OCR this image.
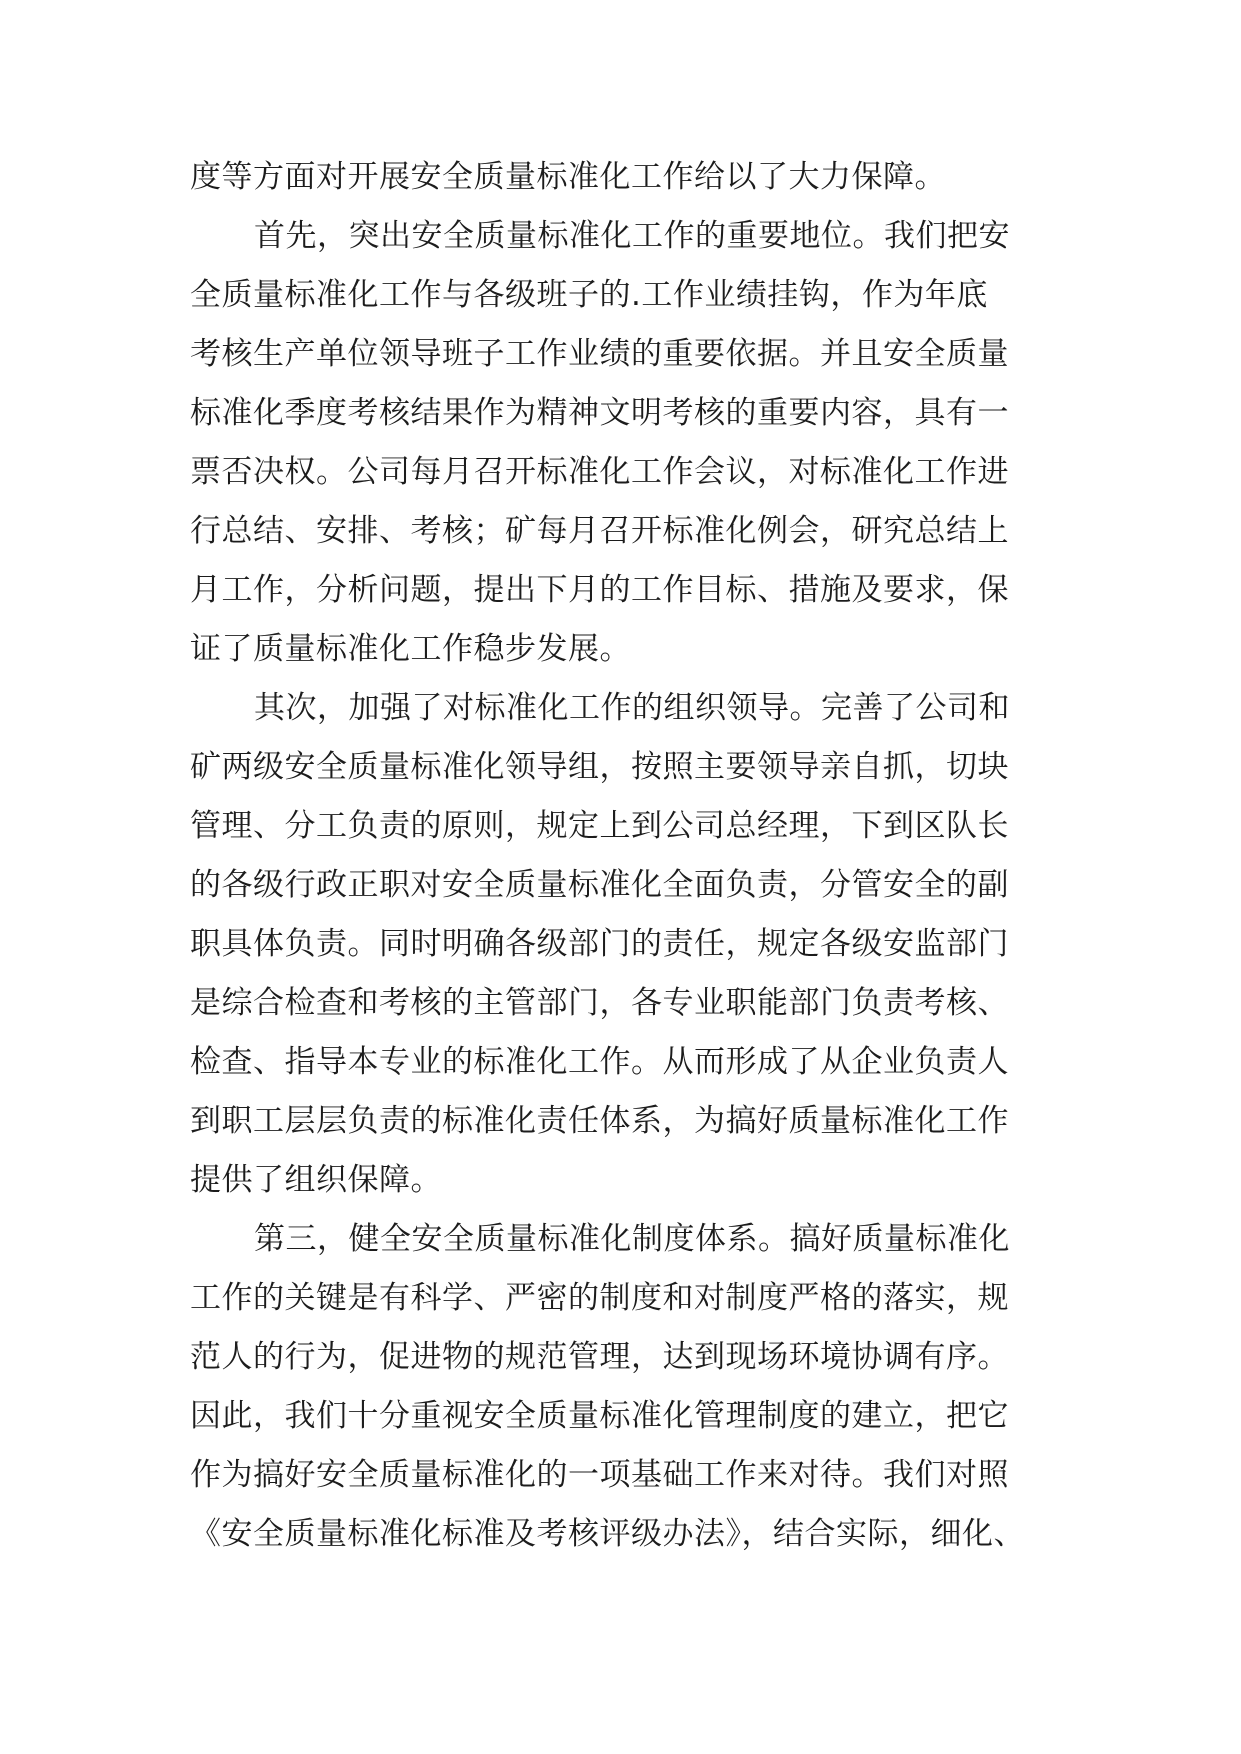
度等方面对开展安全质量标准化工作给以了大力保障。
首先，突出安全质量标准化工作的重要地位。我们把安
全质量标准化工作与各级班子的.工作业绩挂钩，作为年底
考核生产单位领导班子工作业绩的重要依据。并且安全质量
标准化季度考核结果作为精神文明考核的重要内容，具有一
票否决权。公司每月召开标准化工作会议，对标准化工作进
行总结、安排、考核；矿每月召开标准化例会，研究总结上
月工作，分析问题，提出下月的工作目标、措施及要求，保
证了质量标准化工作稳步发展。
其次，加强了对标准化工作的组织领导。完善了公司和
矿两级安全质量标准化领导组，按照主要领导亲自抓，切块
管理、分工负责的原则，规定上到公司总经理，下到区队长
的各级行政正职对安全质量标准化全面负责，分管安全的副
职具体负责。同时明确各级部门的责任，规定各级安监部门
是综合检查和考核的主管部门，各专业职能部门负责考核、
检查、指导本专业的标准化工作。从而形成了从企业负责人
到职工层层负责的标准化责任体系，为搞好质量标准化工作
提供了组织保障。
第三，健全安全质量标准化制度体系。搞好质量标准化
工作的关键是有科学、严密的制度和对制度严格的落实，规
范人的行为，促进物的规范管理，达到现场环境协调有序。
因此，我们十分重视安全质量标准化管理制度的建立，把它
作为搞好安全质量标准化的一项基础工作来对待。我们对照
《安全质量标准化标准及考核评级办法》，结合实际，细化、
